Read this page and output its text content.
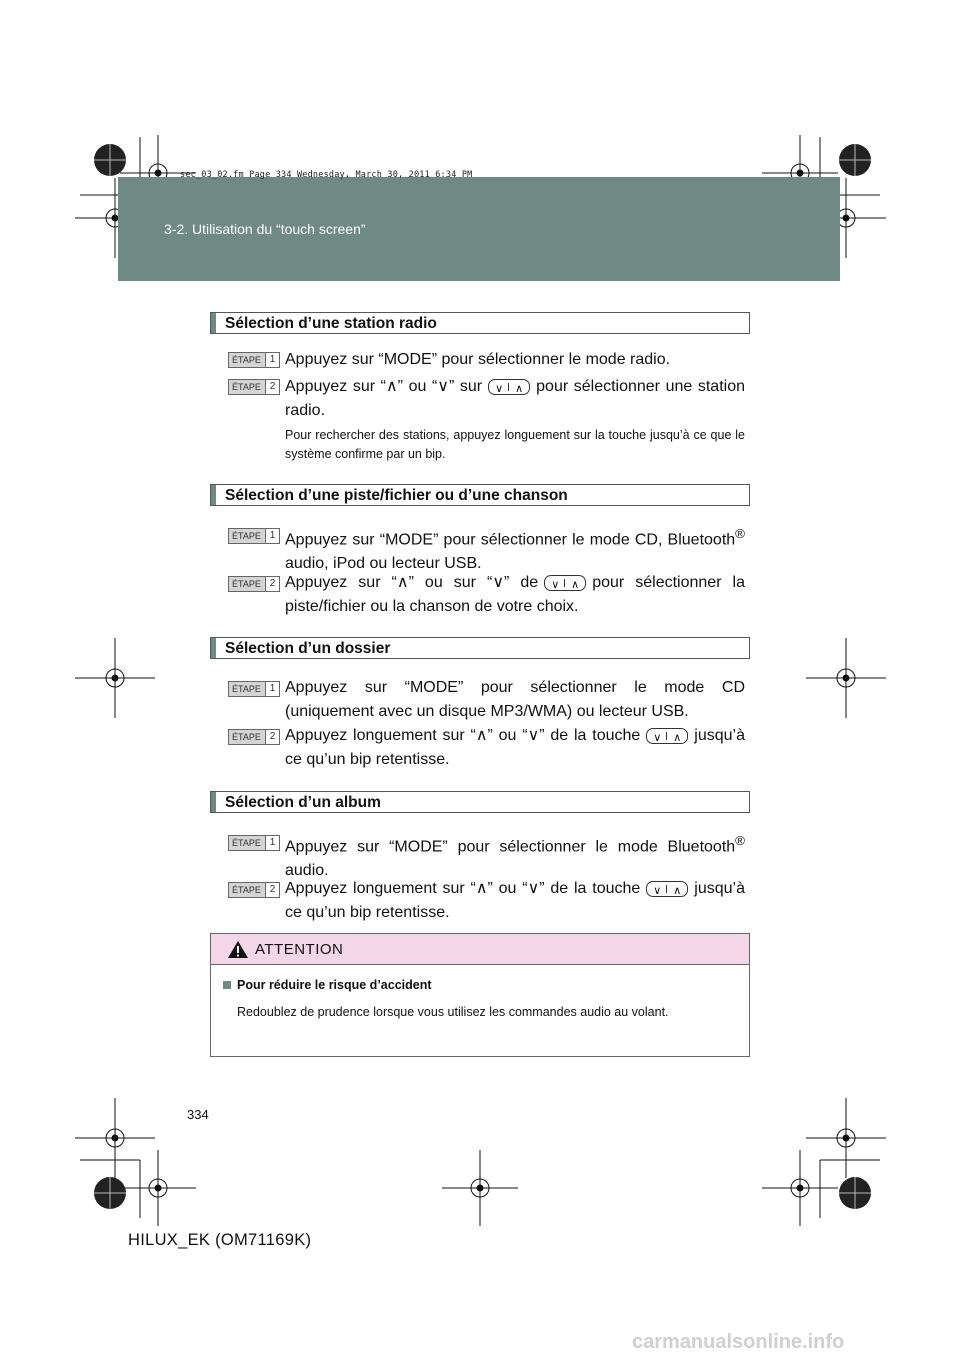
3-2. Utilisation du “touch screen”
sec_03_02.fm Page 334 Wednesday, March 30, 2011 6:34 PM
Sélection d’une station radio
ÉTAPE 1 Appuyez sur “MODE” pour sélectionner le mode radio.
ÉTAPE 2 Appuyez sur “∧” ou “∨” sur ∨
∧	pour sélectionner une station radio.
Pour rechercher des stations, appuyez longuement sur la touche jusqu’à ce que le système confirme par un bip.
Sélection d’une piste/fichier ou d’une chanson
ÉTAPE 1 Appuyez sur “MODE” pour sélectionner le mode CD, Bluetooth® audio, iPod ou lecteur USB.
ÉTAPE 2 Appuyez sur “∧” ou sur “∨” de ∨
∧	pour sélectionner la piste/fichier ou la chanson de votre choix.
Sélection d’un dossier
ÉTAPE 1 Appuyez sur “MODE” pour sélectionner le mode CD (uniquement avec un disque MP3/WMA) ou lecteur USB.
ÉTAPE 2 Appuyez longuement sur “∧” ou “∨” de la touche∨
∧	jusqu’à ce qu’un bip retentisse.
Sélection d’un album
ÉTAPE 1 Appuyez sur “MODE” pour sélectionner le mode Bluetooth® audio.
ÉTAPE 2 Appuyez longuement sur “∧” ou “∨” de la touche∨
∧	jusqu’à ce qu’un bip retentisse.
ATTENTION
Pour réduire le risque d’accident
Redoublez de prudence lorsque vous utilisez les commandes audio au volant.
334
HILUX_EK (OM71169K)
carmanualsonline.info
